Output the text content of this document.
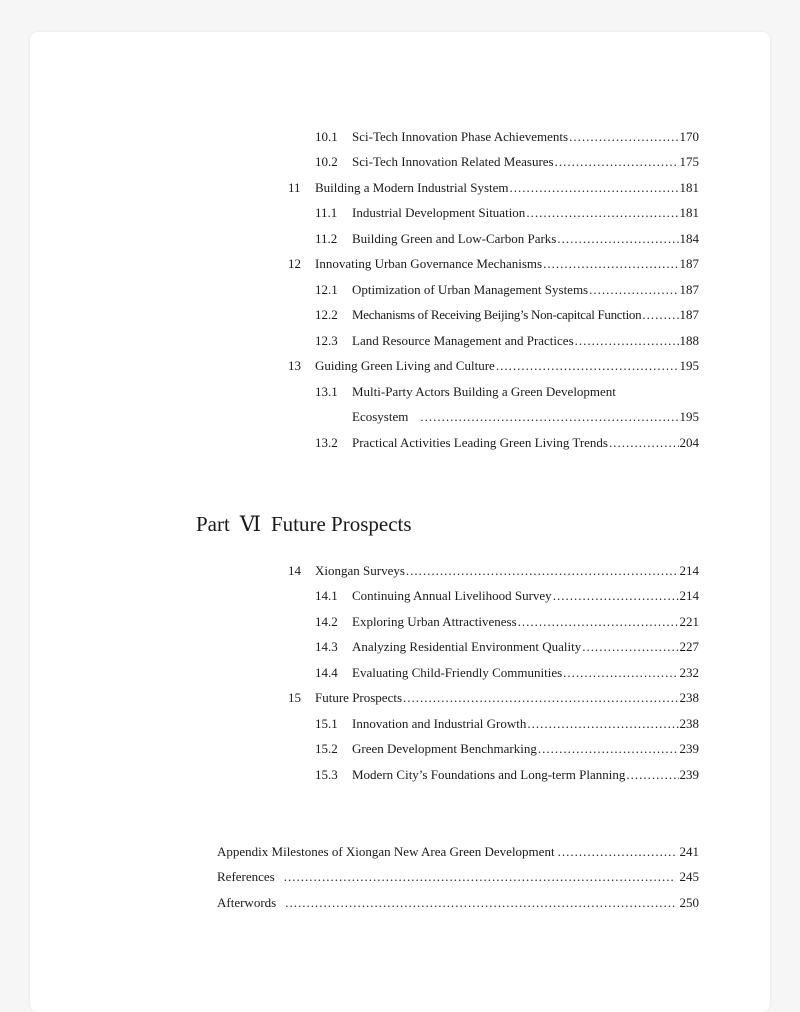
10.1	Sci-Tech Innovation Phase Achievements .....	170
10.2	Sci-Tech Innovation Related Measures .....	175
11	Building a Modern Industrial System .....	181
11.1	Industrial Development Situation .....	181
11.2	Building Green and Low-Carbon Parks .....	184
12	Innovating Urban Governance Mechanisms .....	187
12.1	Optimization of Urban Management Systems .....	187
12.2	Mechanisms of Receiving Beijing’s Non-capitcal Function .....	187
12.3	Land Resource Management and Practices .....	188
13	Guiding Green Living and Culture .....	195
13.1	Multi-Party Actors Building a Green Development
Ecosystem .....	195
13.2	Practical Activities Leading Green Living Trends .....	204
Part Ⅵ Future Prospects
14	Xiongan Surveys .....	214
14.1	Continuing Annual Livelihood Survey .....	214
14.2	Exploring Urban Attractiveness .....	221
14.3	Analyzing Residential Environment Quality .....	227
14.4	Evaluating Child-Friendly Communities .....	232
15	Future Prospects .....	238
15.1	Innovation and Industrial Growth .....	238
15.2	Green Development Benchmarking .....	239
15.3	Modern City’s Foundations and Long-term Planning .....	239
Appendix Milestones of Xiongan New Area Green Development .....	241
References .....	245
Afterwords .....	250
